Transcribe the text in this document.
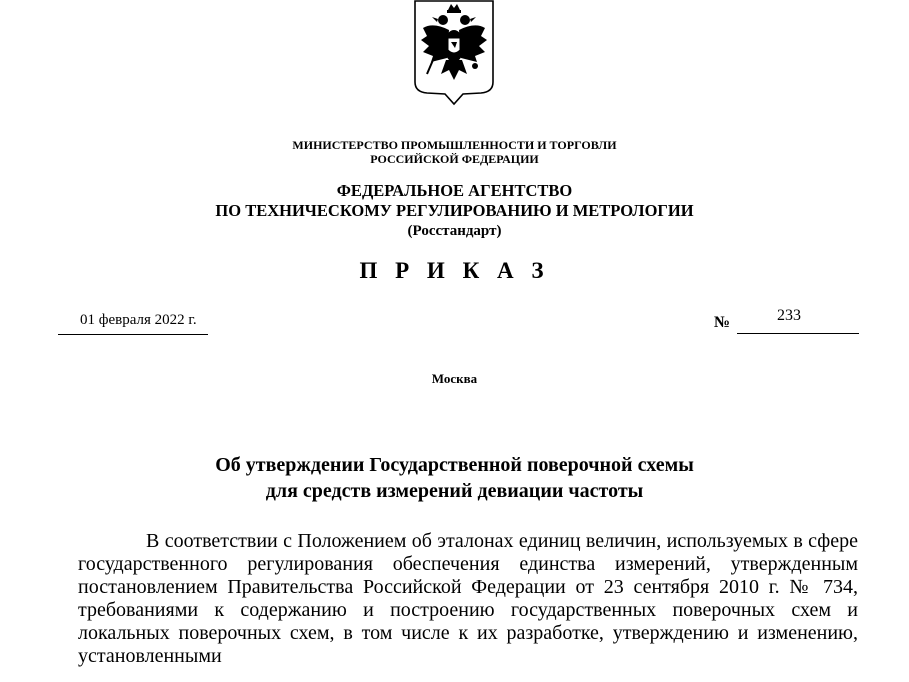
МИНИСТЕРСТВО ПРОМЫШЛЕННОСТИ И ТОРГОВЛИ
РОССИЙСКОЙ ФЕДЕРАЦИИ
ФЕДЕРАЛЬНОЕ АГЕНТСТВО
ПО ТЕХНИЧЕСКОМУ РЕГУЛИРОВАНИЮ И МЕТРОЛОГИИ
(Росстандарт)
П Р И К А З
01 февраля 2022 г.	№	233
Москва
Об утверждении Государственной поверочной схемы
для средств измерений девиации частоты
В соответствии с Положением об эталонах единиц величин, используемых в сфере государственного регулирования обеспечения единства измерений, утвержденным постановлением Правительства Российской Федерации от 23 сентября 2010 г. № 734, требованиями к содержанию и построению государственных поверочных схем и локальных поверочных схем, в том числе к их разработке, утверждению и изменению, установленными
